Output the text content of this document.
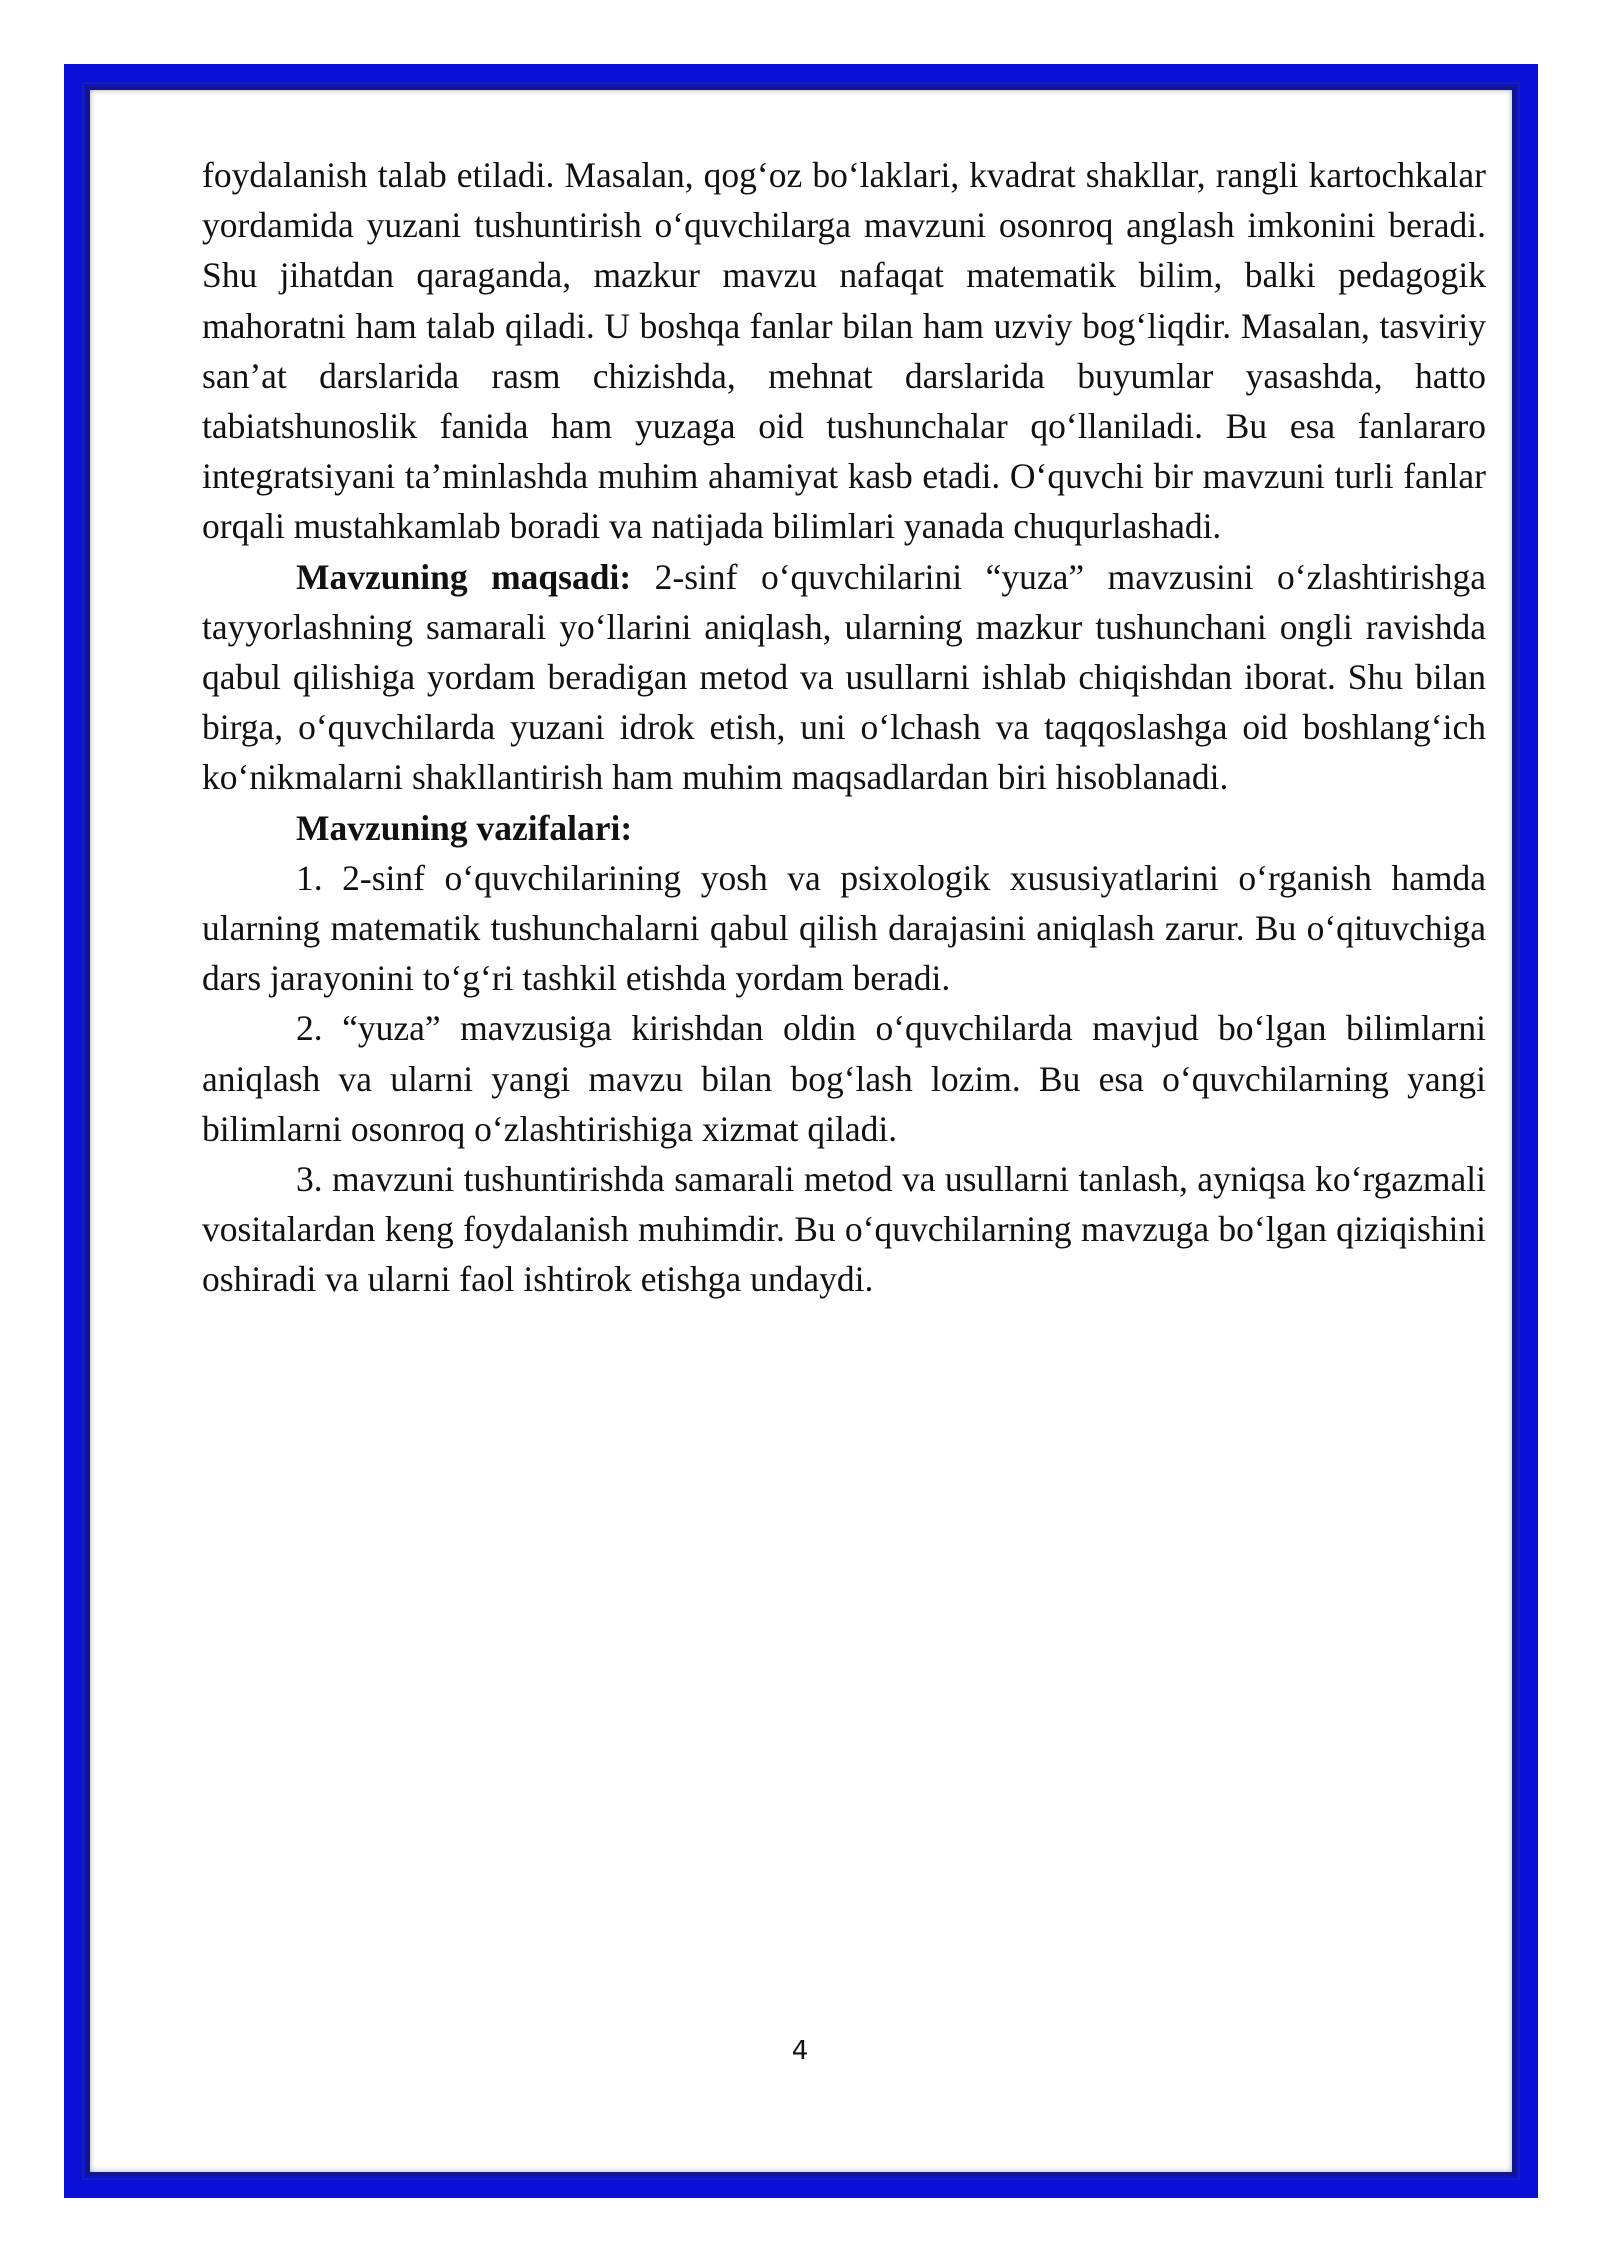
foydalanish talab etiladi. Masalan, qog‘oz bo‘laklari, kvadrat shakllar, rangli kartochkalar yordamida yuzani tushuntirish o‘quvchilarga mavzuni osonroq anglash imkonini beradi. Shu jihatdan qaraganda, mazkur mavzu nafaqat matematik bilim, balki pedagogik mahoratni ham talab qiladi. U boshqa fanlar bilan ham uzviy bog‘liqdir. Masalan, tasviriy san’at darslarida rasm chizishda, mehnat darslarida buyumlar yasashda, hatto tabiatshunoslik fanida ham yuzaga oid tushunchalar qo‘llaniladi. Bu esa fanlararo integratsiyani ta’minlashda muhim ahamiyat kasb etadi. O‘quvchi bir mavzuni turli fanlar orqali mustahkamlab boradi va natijada bilimlari yanada chuqurlashadi.

Mavzuning maqsadi: 2-sinf o‘quvchilarini “yuza” mavzusini o‘zlashtirishga tayyorlashning samarali yo‘llarini aniqlash, ularning mazkur tushunchani ongli ravishda qabul qilishiga yordam beradigan metod va usullarni ishlab chiqishdan iborat. Shu bilan birga, o‘quvchilarda yuzani idrok etish, uni o‘lchash va taqqoslashga oid boshlang‘ich ko‘nikmalarni shakllantirish ham muhim maqsadlardan biri hisoblanadi.

Mavzuning vazifalari:

1. 2-sinf o‘quvchilarining yosh va psixologik xususiyatlarini o‘rganish hamda ularning matematik tushunchalarni qabul qilish darajasini aniqlash zarur. Bu o‘qituvchiga dars jarayonini to‘g‘ri tashkil etishda yordam beradi.

2. “yuza” mavzusiga kirishdan oldin o‘quvchilarda mavjud bo‘lgan bilimlarni aniqlash va ularni yangi mavzu bilan bog‘lash lozim. Bu esa o‘quvchilarning yangi bilimlarni osonroq o‘zlashtirishiga xizmat qiladi.

3. mavzuni tushuntirishda samarali metod va usullarni tanlash, ayniqsa ko‘rgazmali vositalardan keng foydalanish muhimdir. Bu o‘quvchilarning mavzuga bo‘lgan qiziqishini oshiradi va ularni faol ishtirok etishga undaydi.

4
